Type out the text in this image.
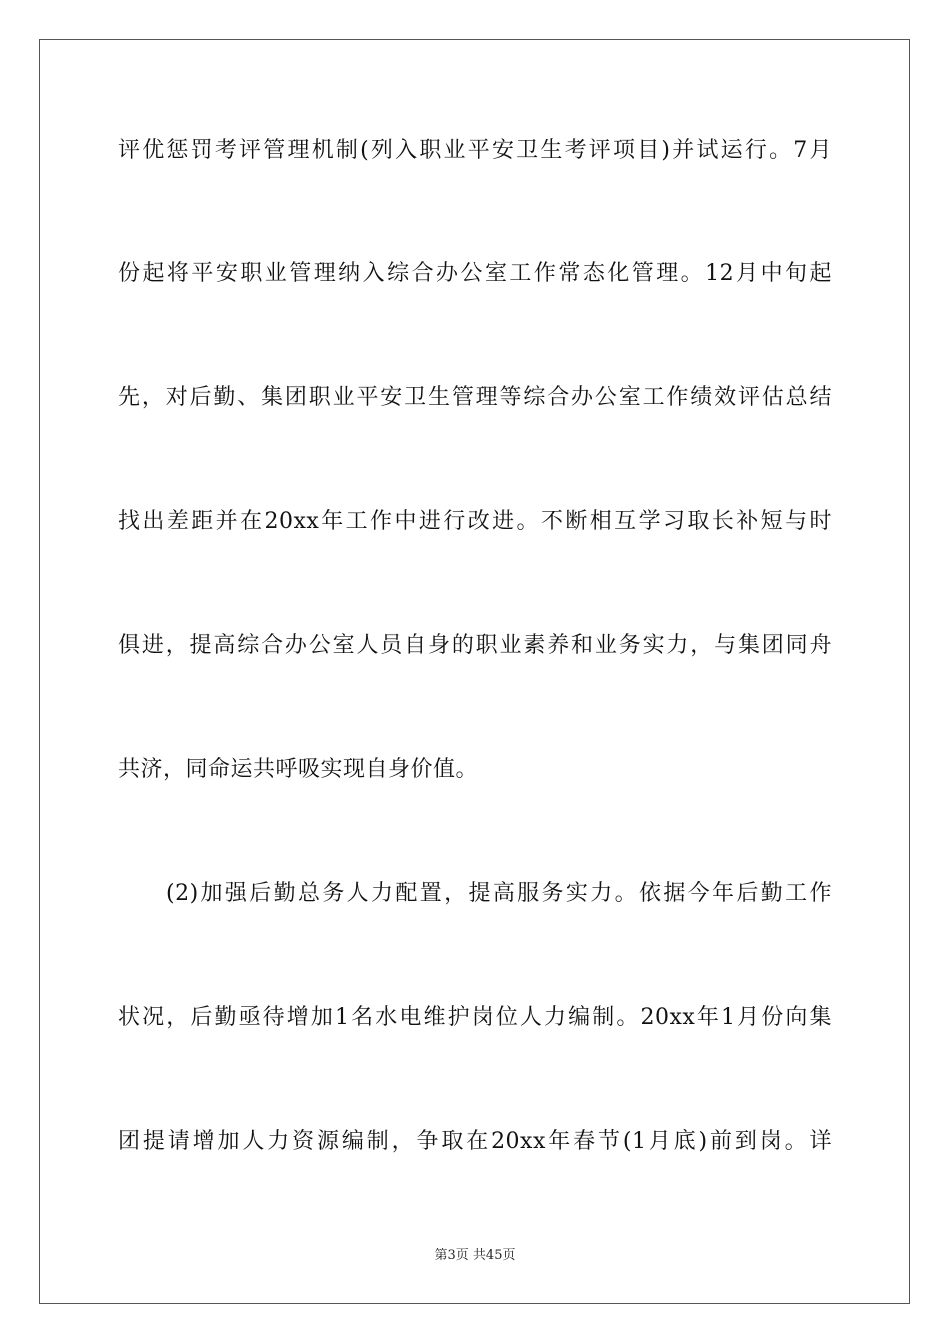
评优惩罚考评管理机制(列入职业平安卫生考评项目)并试运行。7月
份起将平安职业管理纳入综合办公室工作常态化管理。12月中旬起
先，对后勤、集团职业平安卫生管理等综合办公室工作绩效评估总结
找出差距并在20xx年工作中进行改进。不断相互学习取长补短与时
俱进，提高综合办公室人员自身的职业素养和业务实力，与集团同舟
共济，同命运共呼吸实现自身价值。
(2)加强后勤总务人力配置，提高服务实力。依据今年后勤工作
状况，后勤亟待增加1名水电维护岗位人力编制。20xx年1月份向集
团提请增加人力资源编制，争取在20xx年春节(1月底)前到岗。详
第3页 共45页
